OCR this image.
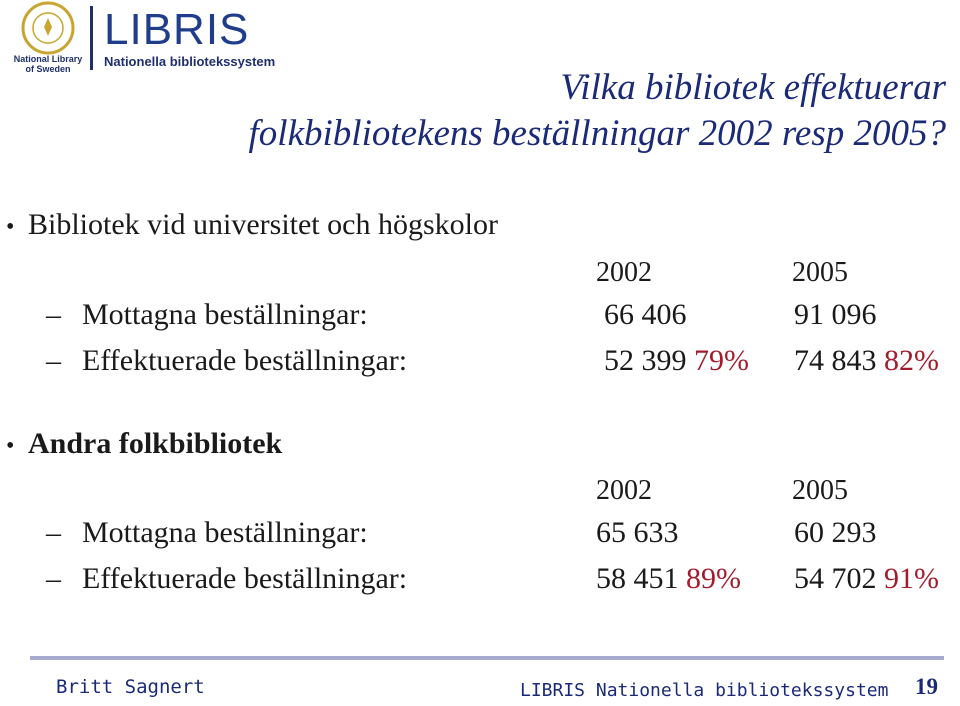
National Library
of Sweden
LIBRIS
Nationella bibliotekssystem
Vilka bibliotek effektuerar
folkbibliotekens beställningar 2002 resp 2005?
• Bibliotek vid universitet och högskolor
2002	2005
– Mottagna beställningar:	66 406	91 096
– Effektuerade beställningar:	52 399 79% 74 843 82%
• Andra folkbibliotek
2002	2005
– Mottagna beställningar:	65 633	60 293
– Effektuerade beställningar:	58 451 89% 54 702 91%
Britt Sagnert	LIBRIS Nationella bibliotekssystem 19
